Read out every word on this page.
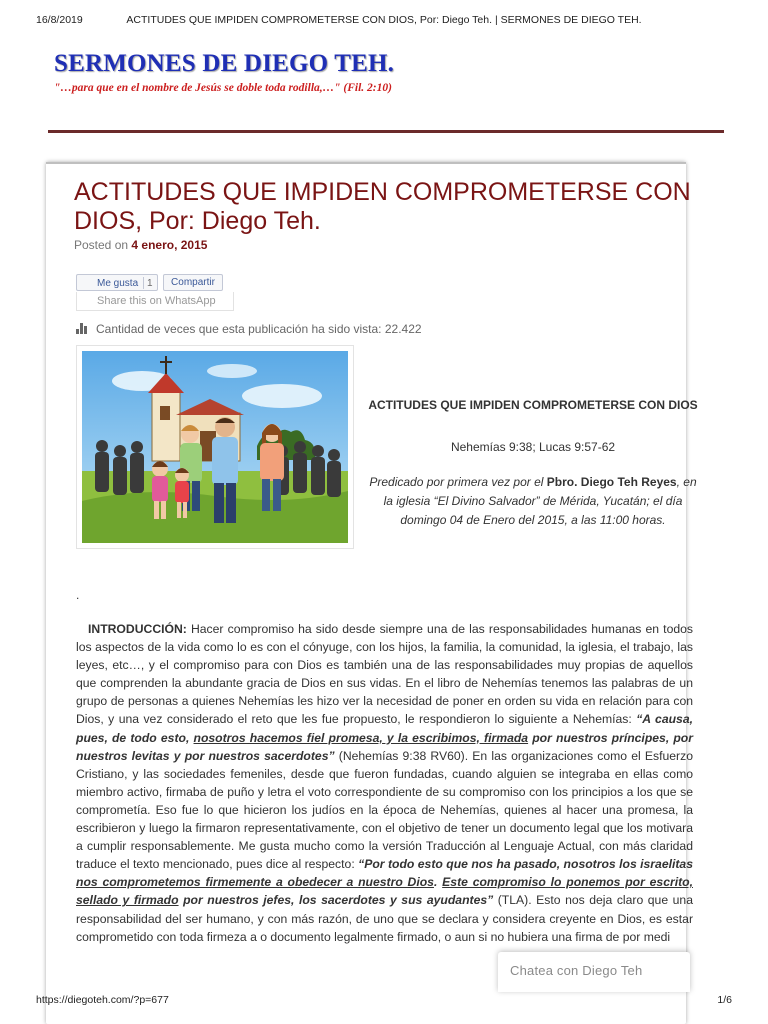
16/8/2019	ACTITUDES QUE IMPIDEN COMPROMETERSE CON DIOS, Por: Diego Teh. | SERMONES DE DIEGO TEH.
SERMONES DE DIEGO TEH.
"…para que en el nombre de Jesús se doble toda rodilla,…" (Fil. 2:10)
ACTITUDES QUE IMPIDEN COMPROMETERSE CON DIOS, Por: Diego Teh.
Posted on 4 enero, 2015
Me gusta 1	Compartir
Share this on WhatsApp
Cantidad de veces que esta publicación ha sido vista: 22.422

ACTITUDES QUE IMPIDEN COMPROMETERSE CON DIOS

Nehemías 9:38; Lucas 9:57-62

Predicado por primera vez por el Pbro. Diego Teh Reyes, en la iglesia “El Divino Salvador” de Mérida, Yucatán; el día domingo 04 de Enero del 2015, a las 11:00 horas.

.

INTRODUCCIÓN: Hacer compromiso ha sido desde siempre una de las responsabilidades humanas en todos los aspectos de la vida como lo es con el cónyuge, con los hijos, la familia, la comunidad, la iglesia, el trabajo, las leyes, etc…, y el compromiso para con Dios es también una de las responsabilidades muy propias de aquellos que comprenden la abundante gracia de Dios en sus vidas. En el libro de Nehemías tenemos las palabras de un grupo de personas a quienes Nehemías les hizo ver la necesidad de poner en orden su vida en relación para con Dios, y una vez considerado el reto que les fue propuesto, le respondieron lo siguiente a Nehemías: “A causa, pues, de todo esto, nosotros hacemos fiel promesa, y la escribimos, firmada por nuestros príncipes, por nuestros levitas y por nuestros sacerdotes” (Nehemías 9:38 RV60). En las organizaciones como el Esfuerzo Cristiano, y las sociedades femeniles, desde que fueron fundadas, cuando alguien se integraba en ellas como miembro activo, firmaba de puño y letra el voto correspondiente de su compromiso con los principios a los que se comprometía. Eso fue lo que hicieron los judíos en la época de Nehemías, quienes al hacer una promesa, la escribieron y luego la firmaron representativamente, con el objetivo de tener un documento legal que los motivara a cumplir responsablemente. Me gusta mucho como la versión Traducción al Lenguaje Actual, con más claridad traduce el texto mencionado, pues dice al respecto: “Por todo esto que nos ha pasado, nosotros los israelitas nos comprometemos firmemente a obedecer a nuestro Dios. Este compromiso lo ponemos por escrito, sellado y firmado por nuestros jefes, los sacerdotes y sus ayudantes” (TLA). Esto nos deja claro que una responsabilidad del ser humano, y con más razón, de uno que se declara y considera creyente en Dios, es estar comprometido con toda firmeza a o documento legalmente firmado, o aun si no hubiera una firma de por medi

Chatea con Diego Teh
https://diegoteh.com/?p=677	1/6
